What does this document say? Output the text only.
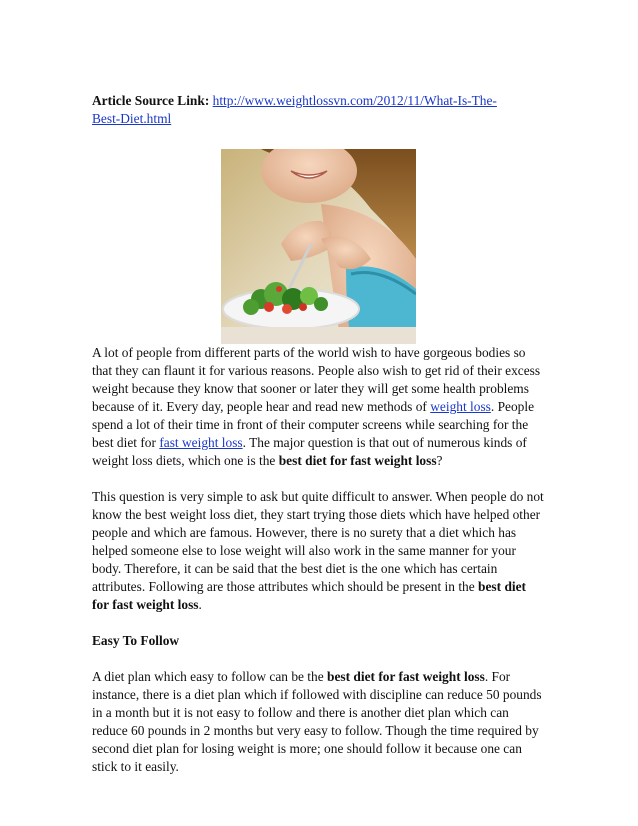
Article Source Link: http://www.weightlossvn.com/2012/11/What-Is-The-
Best-Diet.html

A lot of people from different parts of the world wish to have gorgeous bodies so that they can flaunt it for various reasons. People also wish to get rid of their excess weight because they know that sooner or later they will get some health problems because of it. Every day, people hear and read new methods of weight loss. People spend a lot of their time in front of their computer screens while searching for the best diet for fast weight loss. The major question is that out of numerous kinds of weight loss diets, which one is the best diet for fast weight loss?

This question is very simple to ask but quite difficult to answer. When people do not know the best weight loss diet, they start trying those diets which have helped other people and which are famous. However, there is no surety that a diet which has helped someone else to lose weight will also work in the same manner for your body. Therefore, it can be said that the best diet is the one which has certain attributes. Following are those attributes which should be present in the best diet for fast weight loss.

Easy To Follow

A diet plan which easy to follow can be the best diet for fast weight loss. For instance, there is a diet plan which if followed with discipline can reduce 50 pounds in a month but it is not easy to follow and there is another diet plan which can reduce 60 pounds in 2 months but very easy to follow. Though the time required by second diet plan for losing weight is more; one should follow it because one can stick to it easily.
